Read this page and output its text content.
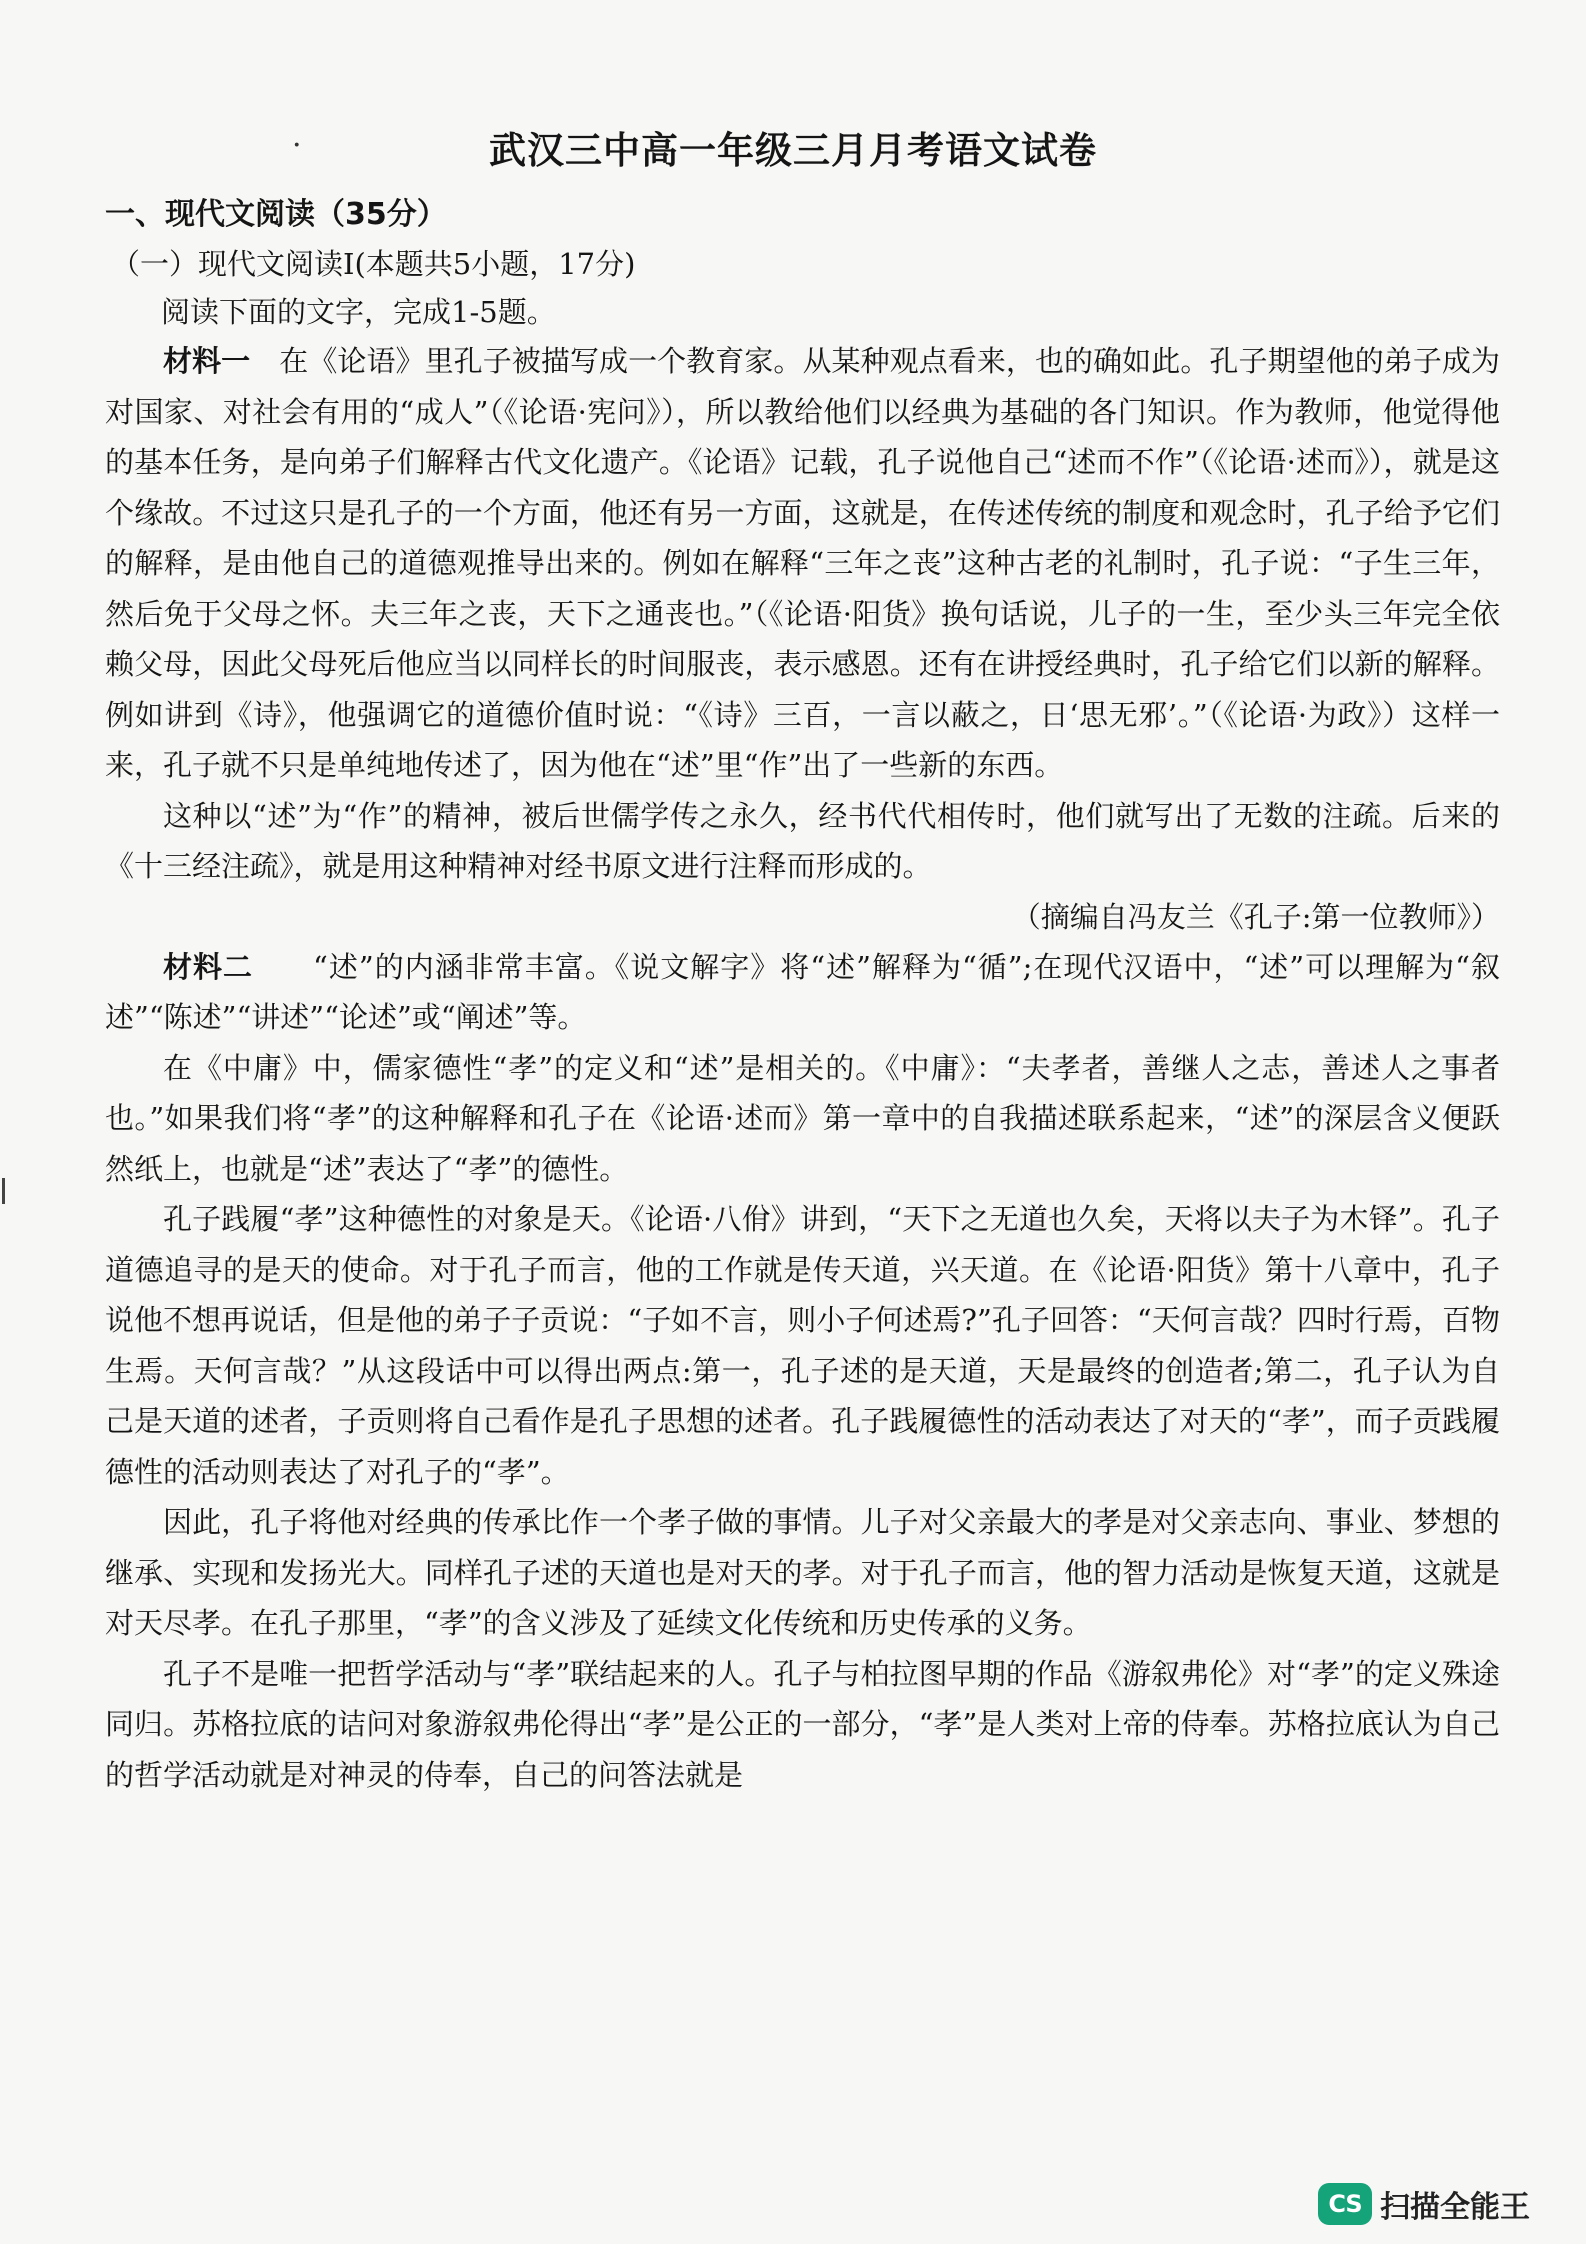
·	武汉三中高一年级三月月考语文试卷

一、现代文阅读（35分）

（一）现代文阅读Ⅰ(本题共5小题，17分)

阅读下面的文字，完成1-5题。

材料一　 在《论语》里孔子被描写成一个教育家。从某种观点看来，也的确如此。孔子期望他的弟子成为对国家、对社会有用的“成人”（《论语·宪问》），所以教给他们以经典为基础的各门知识。作为教师，他觉得他的基本任务，是向弟子们解释古代文化遗产。《论语》记载，孔子说他自己“述而不作”（《论语·述而》），就是这个缘故。不过这只是孔子的一个方面，他还有另一方面，这就是，在传述传统的制度和观念时，孔子给予它们的解释，是由他自己的道德观推导出来的。例如在解释“三年之丧”这种古老的礼制时，孔子说：“子生三年，然后免于父母之怀。夫三年之丧，天下之通丧也。”（《论语·阳货》换句话说，儿子的一生，至少头三年完全依赖父母，因此父母死后他应当以同样长的时间服丧，表示感恩。还有在讲授经典时，孔子给它们以新的解释。例如讲到《诗》，他强调它的道德价值时说：“《诗》三百，一言以蔽之，日‘思无邪’。”（《论语·为政》）这样一来，孔子就不只是单纯地传述了，因为他在“述”里“作”出了一些新的东西。

这种以“述”为“作”的精神，被后世儒学传之永久，经书代代相传时，他们就写出了无数的注疏。后来的《十三经注疏》，就是用这种精神对经书原文进行注释而形成的。

（摘编自冯友兰《孔子:第一位教师》）

材料二　　 “述”的内涵非常丰富。《说文解字》将“述”解释为“循”;在现代汉语中，“述”可以理解为“叙述”“陈述”“讲述”“论述”或“阐述”等。

在《中庸》中，儒家德性“孝”的定义和“述”是相关的。《中庸》：“夫孝者，善继人之志，善述人之事者也。”如果我们将“孝”的这种解释和孔子在《论语·述而》第一章中的自我描述联系起来，“述”的深层含义便跃然纸上，也就是“述”表达了“孝”的德性。

孔子践履“孝”这种德性的对象是天。《论语·八佾》讲到，“天下之无道也久矣，天将以夫子为木铎”。孔子道德追寻的是天的使命。对于孔子而言，他的工作就是传天道，兴天道。在《论语·阳货》第十八章中，孔子说他不想再说话，但是他的弟子子贡说：“子如不言，则小子何述焉?”孔子回答：“天何言哉？四时行焉，百物生焉。天何言哉？”从这段话中可以得出两点:第一，孔子述的是天道，天是最终的创造者;第二，孔子认为自己是天道的述者，子贡则将自己看作是孔子思想的述者。孔子践履德性的活动表达了对天的“孝”，而子贡践履德性的活动则表达了对孔子的“孝”。

因此，孔子将他对经典的传承比作一个孝子做的事情。儿子对父亲最大的孝是对父亲志向、事业、梦想的继承、实现和发扬光大。同样孔子述的天道也是对天的孝。对于孔子而言，他的智力活动是恢复天道，这就是对天尽孝。在孔子那里，“孝”的含义涉及了延续文化传统和历史传承的义务。

孔子不是唯一把哲学活动与“孝”联结起来的人。孔子与柏拉图早期的作品《游叙弗伦》对“孝”的定义殊途同归。苏格拉底的诘问对象游叙弗伦得出“孝”是公正的一部分，“孝”是人类对上帝的侍奉。苏格拉底认为自己的哲学活动就是对神灵的侍奉，自己的问答法就是

CS 扫描全能王
